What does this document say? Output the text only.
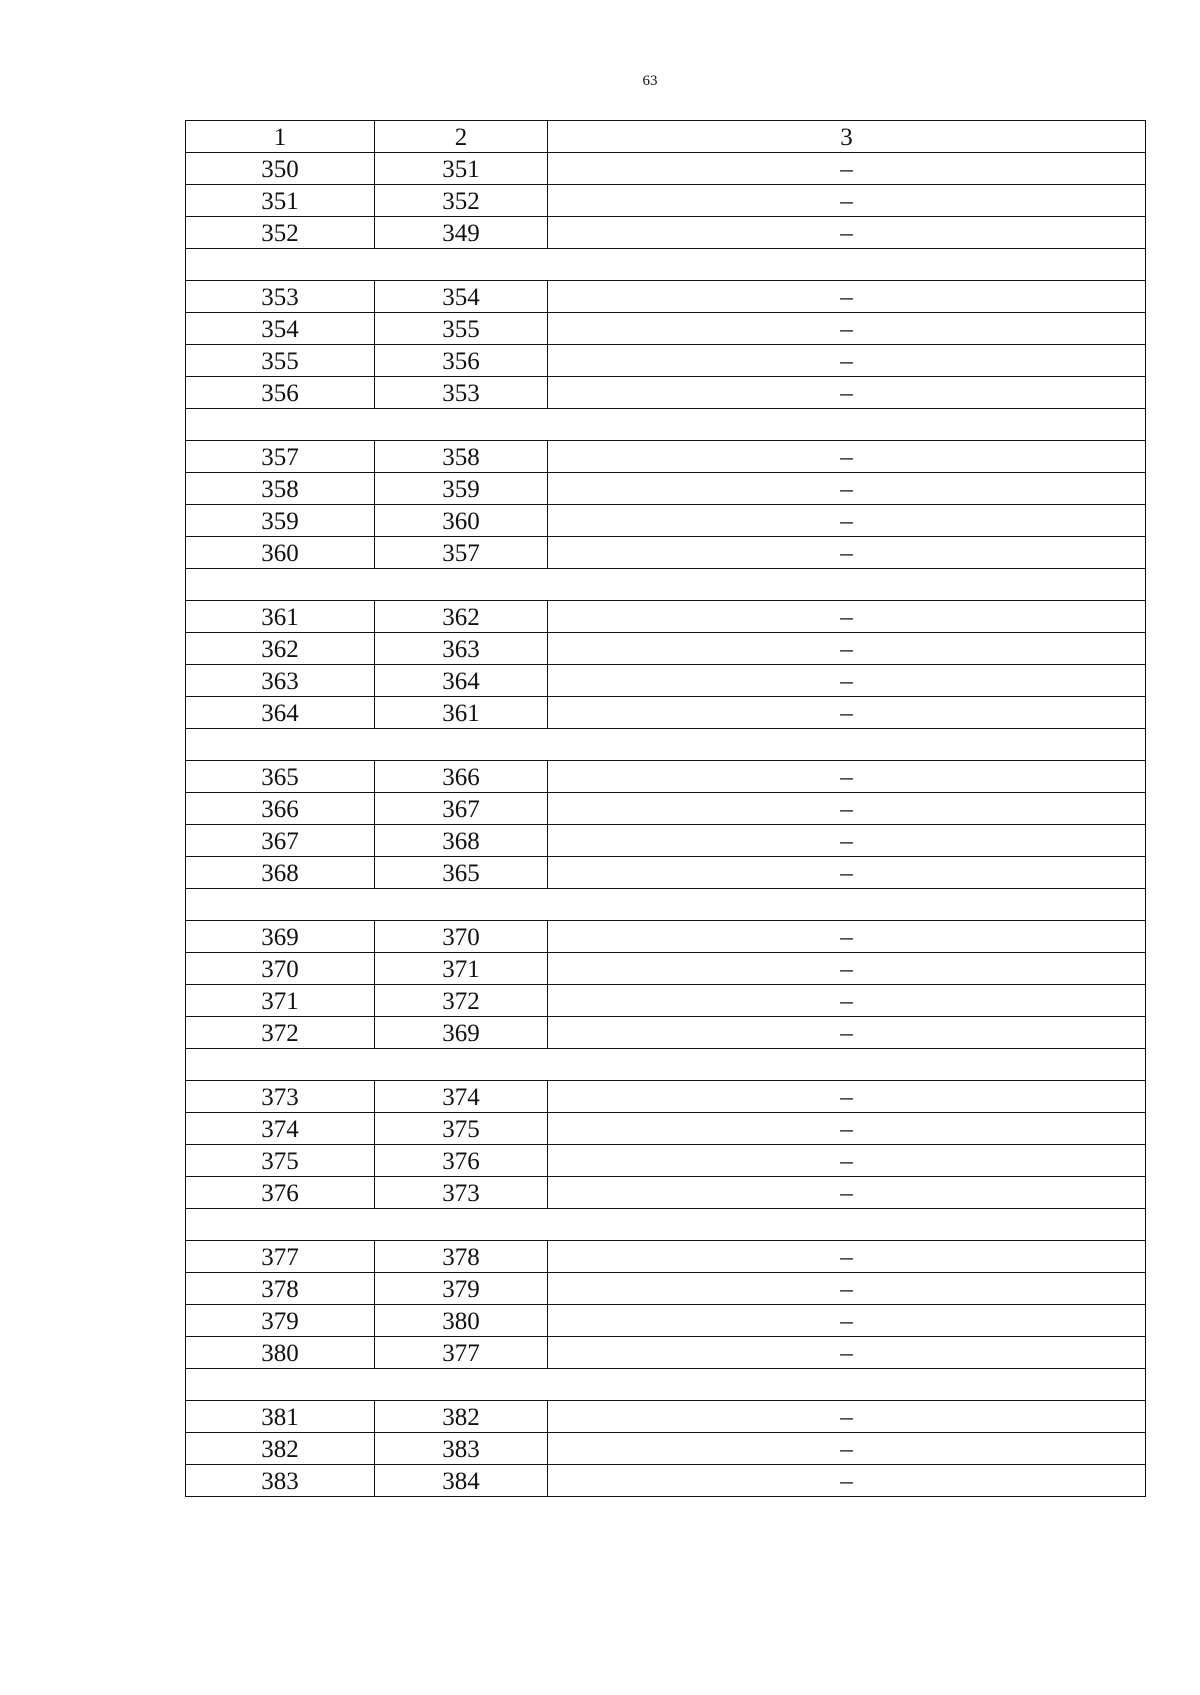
63
1	2	3
350	351	–
351	352	–
352	349	–

353	354	–
354	355	–
355	356	–
356	353	–

357	358	–
358	359	–
359	360	–
360	357	–

361	362	–
362	363	–
363	364	–
364	361	–

365	366	–
366	367	–
367	368	–
368	365	–

369	370	–
370	371	–
371	372	–
372	369	–

373	374	–
374	375	–
375	376	–
376	373	–

377	378	–
378	379	–
379	380	–
380	377	–

381	382	–
382	383	–
383	384	–
